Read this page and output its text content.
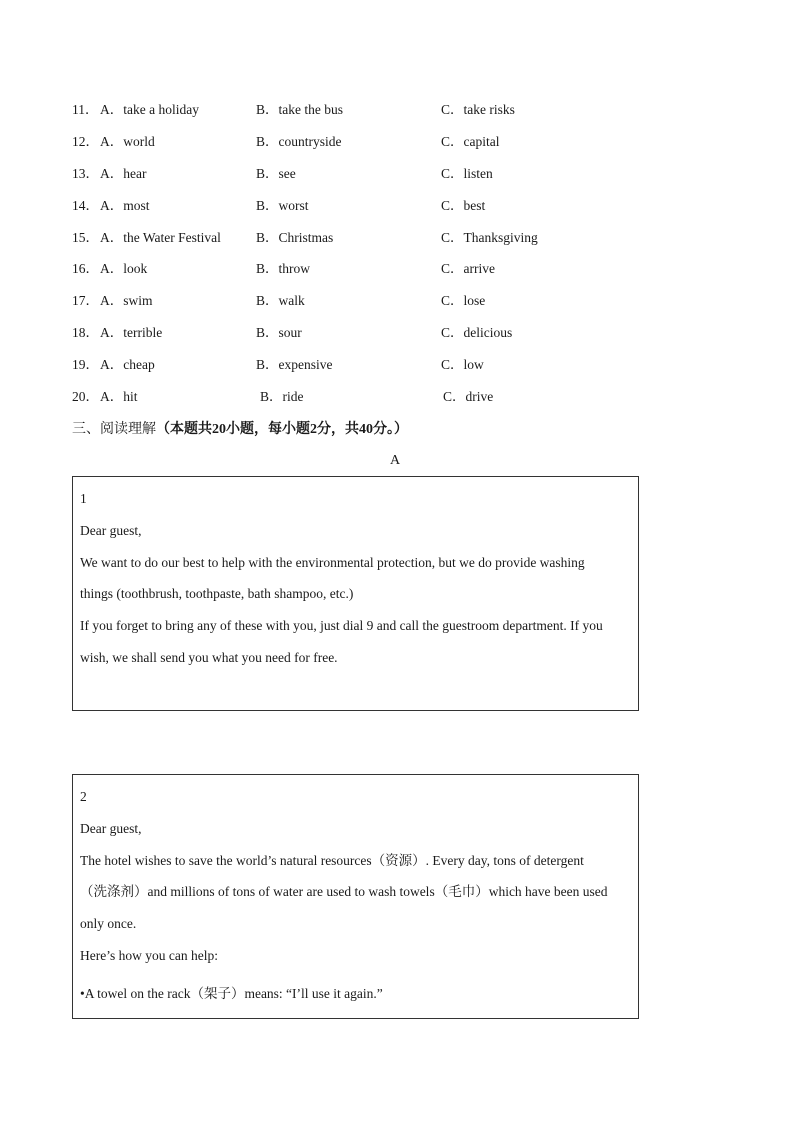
11． A．take a holiday	B．take the bus	C．take risks
12． A．world	B．countryside	C．capital
13． A．hear	B．see	C．listen
14． A．most	B．worst	C．best
15． A．the Water Festival	B．Christmas	C．Thanksgiving
16． A．look	B．throw	C．arrive
17． A．swim	B．walk	C．lose
18． A．terrible	B．sour	C．delicious
19． A．cheap	B．expensive	C．low
20． A．hit	B．ride	C．drive
三、阅读理解（本题共20小题，每小题2分，共40分。）
A

1

Dear guest,

We want to do our best to help with the environmental protection, but we do provide washing

things (toothbrush, toothpaste, bath shampoo, etc.)

If you forget to bring any of these with you, just dial 9 and call the guestroom department. If you

wish, we shall send you what you need for free.

2

Dear guest,

The hotel wishes to save the world’s natural resources（资源）. Every day, tons of detergent

（洗涤剂）and millions of tons of water are used to wash towels（毛巾）which have been used

only once.

Here’s how you can help:

•A towel on the rack（架子）means: “I’ll use it again.”
